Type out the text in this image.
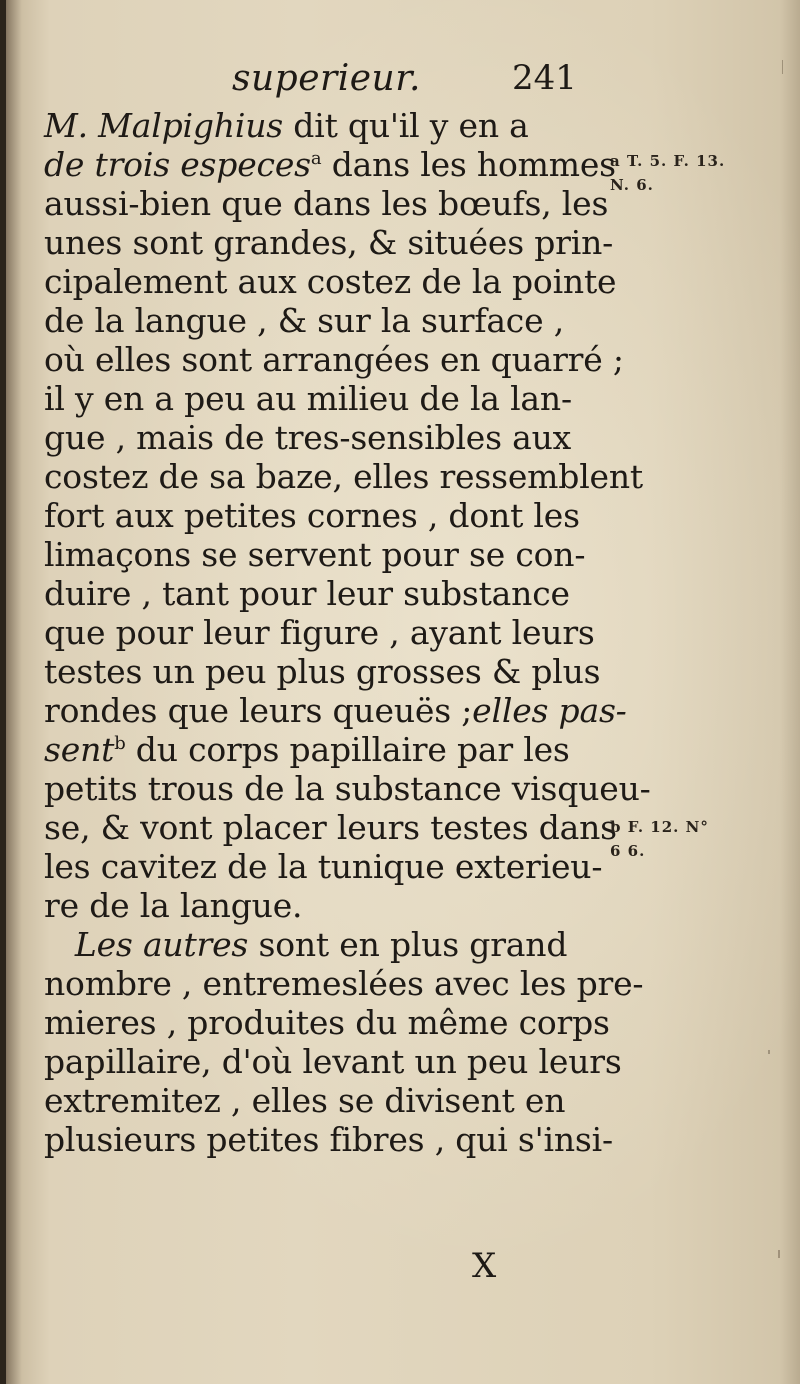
superieur.	241
M. Malpighius dit qu'il y en a
de trois especes$^a$ dans les hommes
aussi-bien que dans les bœufs, les
unes sont grandes, & situées prin-
cipalement aux costez de la pointe
de la langue , & sur la surface ,
où elles sont arrangées en quarré ;
il y en a peu au milieu de la lan-
gue , mais de tres-sensibles aux
costez de sa baze, elles ressemblent
fort aux petites cornes , dont les
limaçons se servent pour se con-
duire , tant pour leur substance
que pour leur figure , ayant leurs
testes un peu plus grosses & plus
rondes que leurs queuës ;elles pas-
sent$^b$ du corps papillaire par les
petits trous de la substance visqueu-
se, & vont placer leurs testes dans
les cavitez de la tunique exterieu-
re de la langue.
Les autres sont en plus grand
nombre , entremeslées avec les pre-
mieres , produites du même corps
papillaire, d'où levant un peu leurs
extremitez , elles se divisent en
plusieurs petites fibres , qui s'insi-
a T. 5. F. 13.
N. 6.
b F. 12. N°
6 6.
X
